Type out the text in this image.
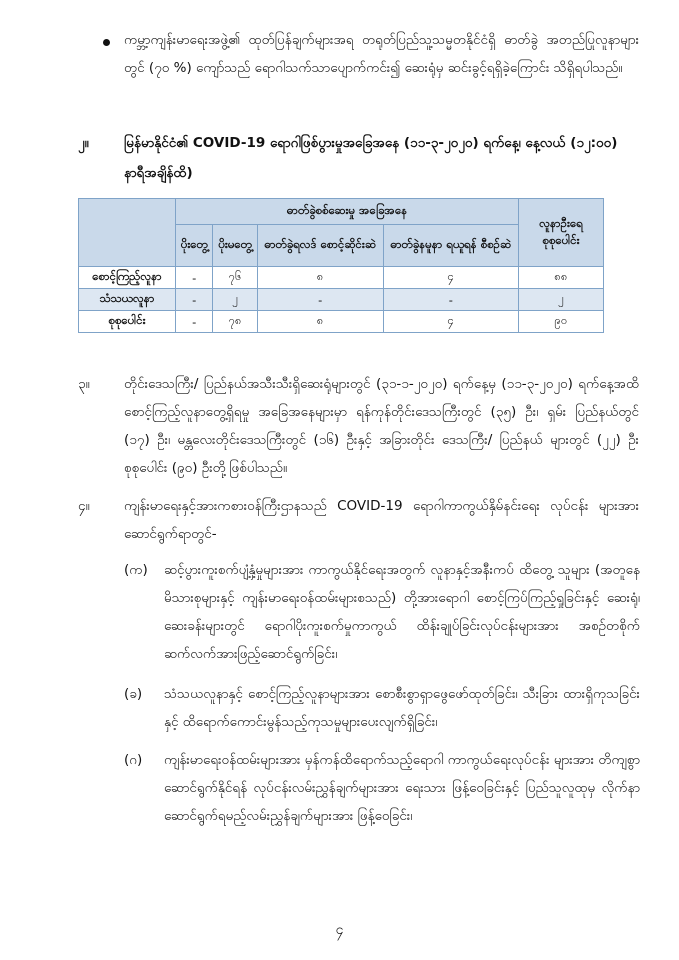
ကမ္ဘာ့ကျန်းမာရေးအဖွဲ့၏ ထုတ်ပြန်ချက်များအရ တရုတ်ပြည်သူ့သမ္မတနိုင်ငံရှိ ဓာတ်ခွဲ အတည်ပြုလူနာများတွင် (၇၀ %) ကျော်သည် ရောဂါသက်သာပျောက်ကင်း၍ ဆေးရုံမှ ဆင်းခွင့်ရရှိခဲ့ကြောင်း သိရှိရပါသည်။
၂။	မြန်မာနိုင်ငံ၏ COVID-19 ရောဂါဖြစ်ပွားမှုအခြေအနေ (၁၁-၃-၂၀၂၀) ရက်နေ့၊ နေ့လယ် (၁၂:၀၀) နာရီအချိန်ထိ)
	ဓာတ်ခွဲစစ်ဆေးမှု အခြေအနေ				လူနာဦးရေ စုစုပေါင်း
	ပိုးတွေ့	ပိုးမတွေ့	ဓာတ်ခွဲရလဒ် စောင့်ဆိုင်းဆဲ	ဓာတ်ခွဲနမူနာ ရယူရန် စီစဉ်ဆဲ	
စောင့်ကြည့်လူနာ	-	၇၆	၈	၄	၈၈
သံသယလူနာ	-	၂	-	-	၂
စုစုပေါင်း	-	၇၈	၈	၄	၉၀
၃။	တိုင်းဒေသကြီး/ ပြည်နယ်အသီးသီးရှိဆေးရုံများတွင် (၃၁-၁-၂၀၂၀) ရက်နေ့မှ (၁၁-၃-၂၀၂၀) ရက်နေ့အထိ စောင့်ကြည့်လူနာတွေ့ရှိရမှု အခြေအနေများမှာ ရန်ကုန်တိုင်းဒေသကြီးတွင် (၃၅) ဦး၊ ရှမ်း ပြည်နယ်တွင် (၁၇) ဦး၊ မန္တလေးတိုင်းဒေသကြီးတွင် (၁၆) ဦးနှင့် အခြားတိုင်း ဒေသကြီး/ ပြည်နယ် များတွင် (၂၂) ဦး စုစုပေါင်း (၉၀) ဦးတို့ဖြစ်ပါသည်။
၄။	ကျန်းမာရေးနှင့်အားကစားဝန်ကြီးဌာနသည် COVID-19 ရောဂါကာကွယ်နှိမ်နင်းရေး လုပ်ငန်း များအား ဆောင်ရွက်ရာတွင်-
(က) ဆင့်ပွားကူးစက်ပျံ့နှံ့မှုများအား ကာကွယ်နိုင်ရေးအတွက် လူနာနှင့်အနီးကပ် ထိတွေ့ သူများ (အတူနေမိသားစုများနှင့် ကျန်းမာရေးဝန်ထမ်းများစသည်) တို့အားရောဂါ စောင့်ကြပ်ကြည့်ရှုခြင်းနှင့် ဆေးရုံ၊ ဆေးခန်းများတွင် ရောဂါပိုးကူးစက်မှုကာကွယ် ထိန်းချုပ်ခြင်းလုပ်ငန်းများအား အစဉ်တစိုက် ဆက်လက်အားဖြည့်ဆောင်ရွက်ခြင်း၊
(ခ) သံသယလူနာနှင့် စောင့်ကြည့်လူနာများအား စောစီးစွာရှာဖွေဖော်ထုတ်ခြင်း၊ သီးခြား ထားရှိကုသခြင်းနှင့် ထိရောက်ကောင်းမွန်သည့်ကုသမှုများပေးလျက်ရှိခြင်း၊
(ဂ) ကျန်းမာရေးဝန်ထမ်းများအား မှန်ကန်ထိရောက်သည့်ရောဂါ ကာကွယ်ရေးလုပ်ငန်း များအား တိကျစွာဆောင်ရွက်နိုင်ရန် လုပ်ငန်းလမ်းညွှန်ချက်များအား ရေးသား ဖြန့်ဝေခြင်းနှင့် ပြည်သူလူထုမှ လိုက်နာဆောင်ရွက်ရမည့်လမ်းညွှန်ချက်များအား ဖြန့်ဝေခြင်း၊
၄
